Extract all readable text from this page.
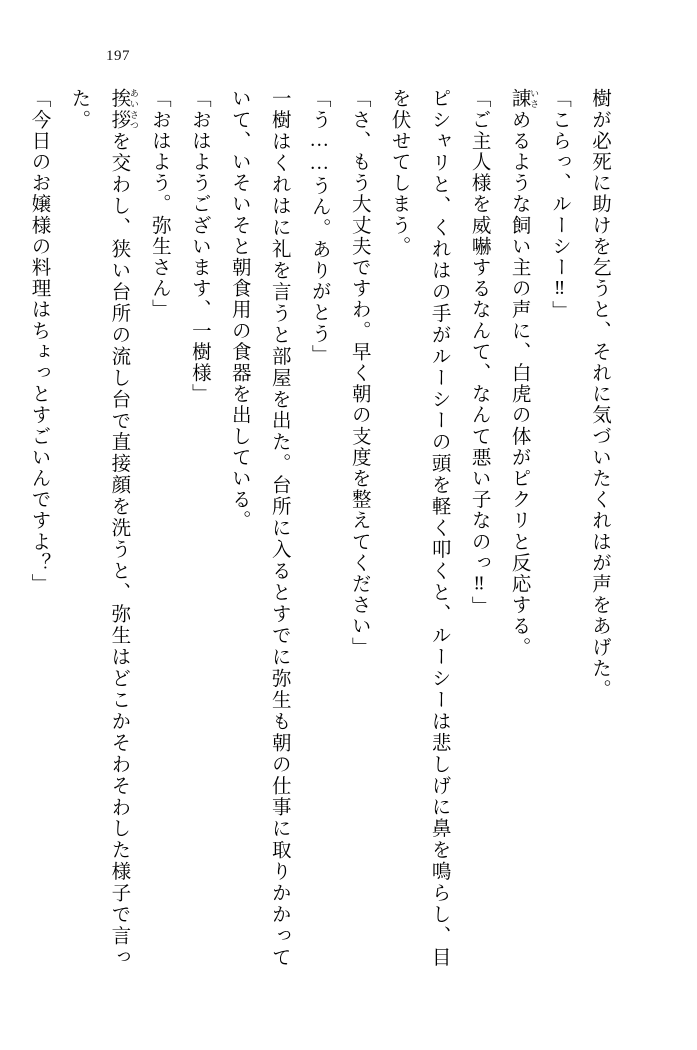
197

樹が必死に助けを乞うと、それに気づいたくれはが声をあげた。

「こらっ、ルーシー‼」

諌 いさめるような飼い主の声に、白虎の体がピクリと反応する。

「ご主人様を威嚇するなんて、なんて悪い子なのっ‼」

ピシャリと、くれはの手がルーシーの頭を軽く叩くと、ルーシーは悲しげに鼻を鳴らし、目を伏せてしまう。

「さ、もう大丈夫ですわ。早く朝の支度を整えてください」

「う……うん。ありがとう」

一樹はくれはに礼を言うと部屋を出た。台所に入るとすでに弥生も朝の仕事に取りかかっていて、いそいそと朝食用の食器を出している。

「おはようございます、一樹様」

「おはよう。弥生さん」

挨拶 あいさつを交わし、狭い台所の流し台で直接顔を洗うと、弥生はどこかそわそわした様子で言った。

「今日のお嬢様の料理はちょっとすごいんですよ？」
